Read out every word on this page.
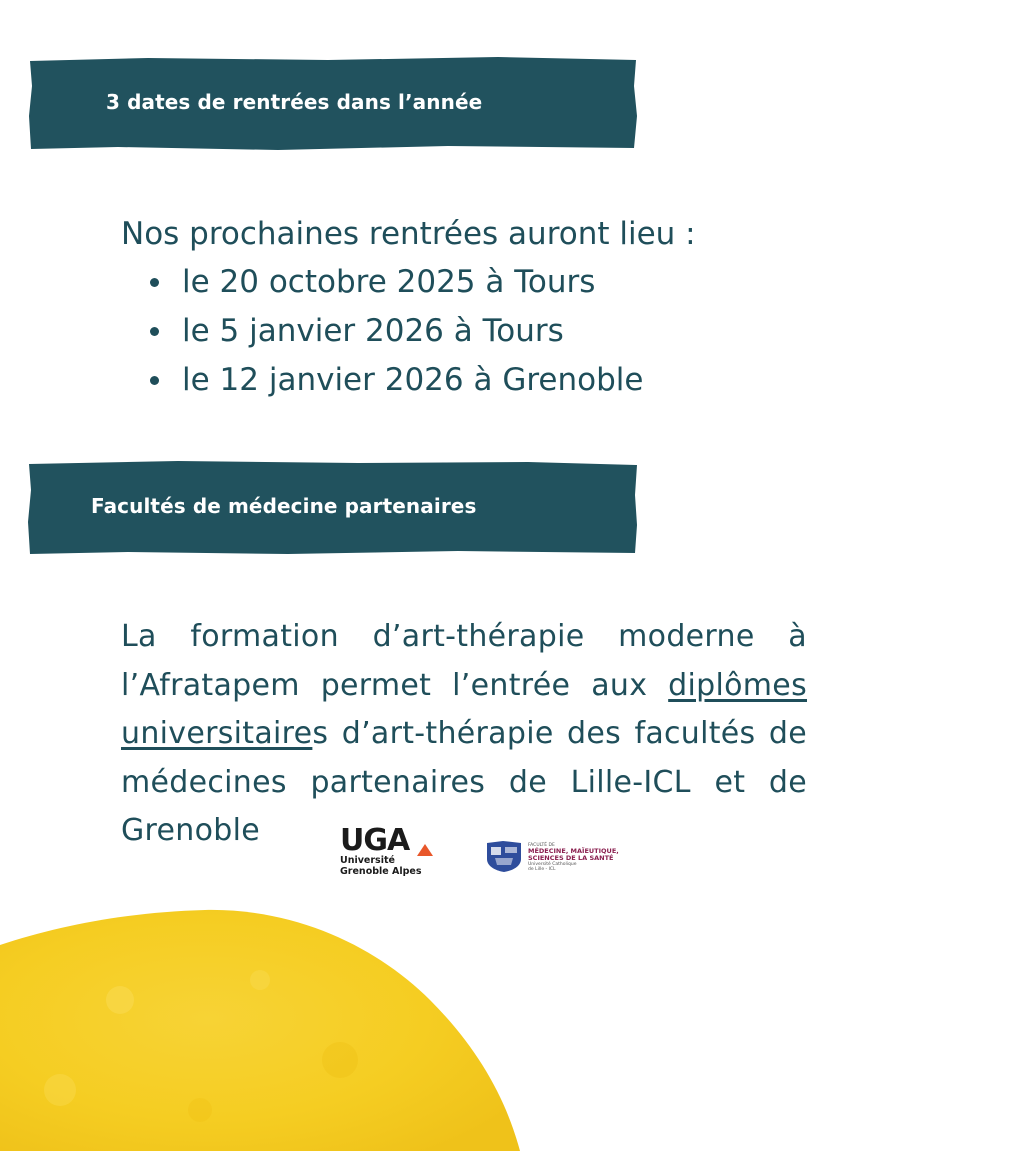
3 dates de rentrées dans l’année

Nos prochaines rentrées auront lieu :

le 20 octobre 2025 à Tours
le 5 janvier 2026 à Tours
le 12 janvier 2026 à Grenoble
Facultés de médecine partenaires

La formation d’art-thérapie moderne à l’Afratapem permet l’entrée aux diplômes universitaires d’art-thérapie des facultés de médecines partenaires de Lille-ICL et de Grenoble	UGA
Université
Grenoble Alpes
FACULTÉ DE
MÉDECINE, MAÏEUTIQUE,
SCIENCES DE LA SANTÉ
Université Catholique
de Lille - ICL
